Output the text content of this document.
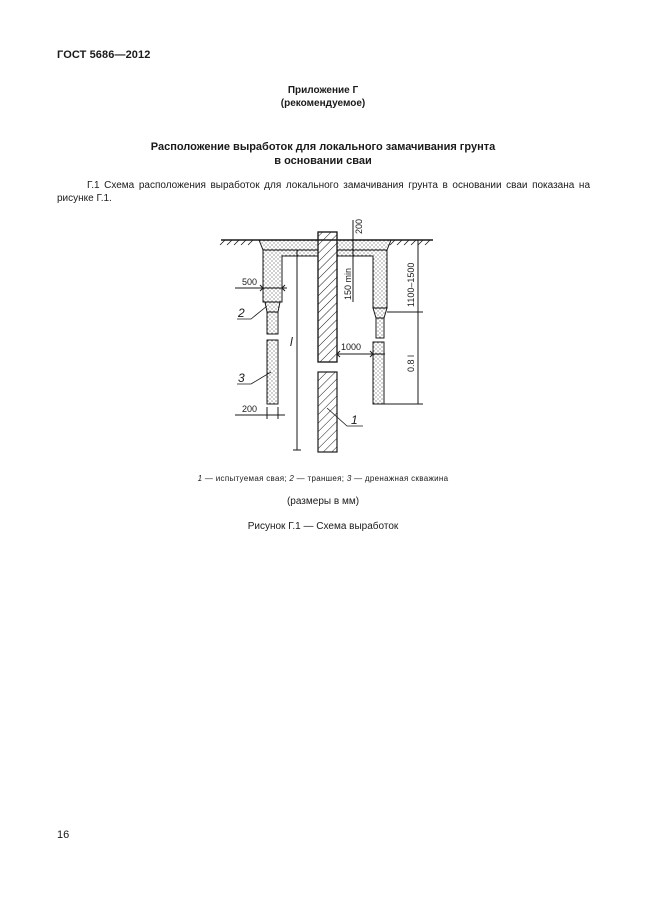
ГОСТ 5686—2012
Приложение Г
(рекомендуемое)
Расположение выработок для локального замачивания грунта
в основании сваи
Г.1 Схема расположения выработок для локального замачивания грунта в основании сваи показана на рисунке Г.1.
l
500
200
1000
200
150 min	1100–1500
0.8 l
2
3
1
1 — испытуемая свая; 2 — траншея; 3 — дренажная скважина
(размеры в мм)
Рисунок Г.1 — Схема выработок
16
